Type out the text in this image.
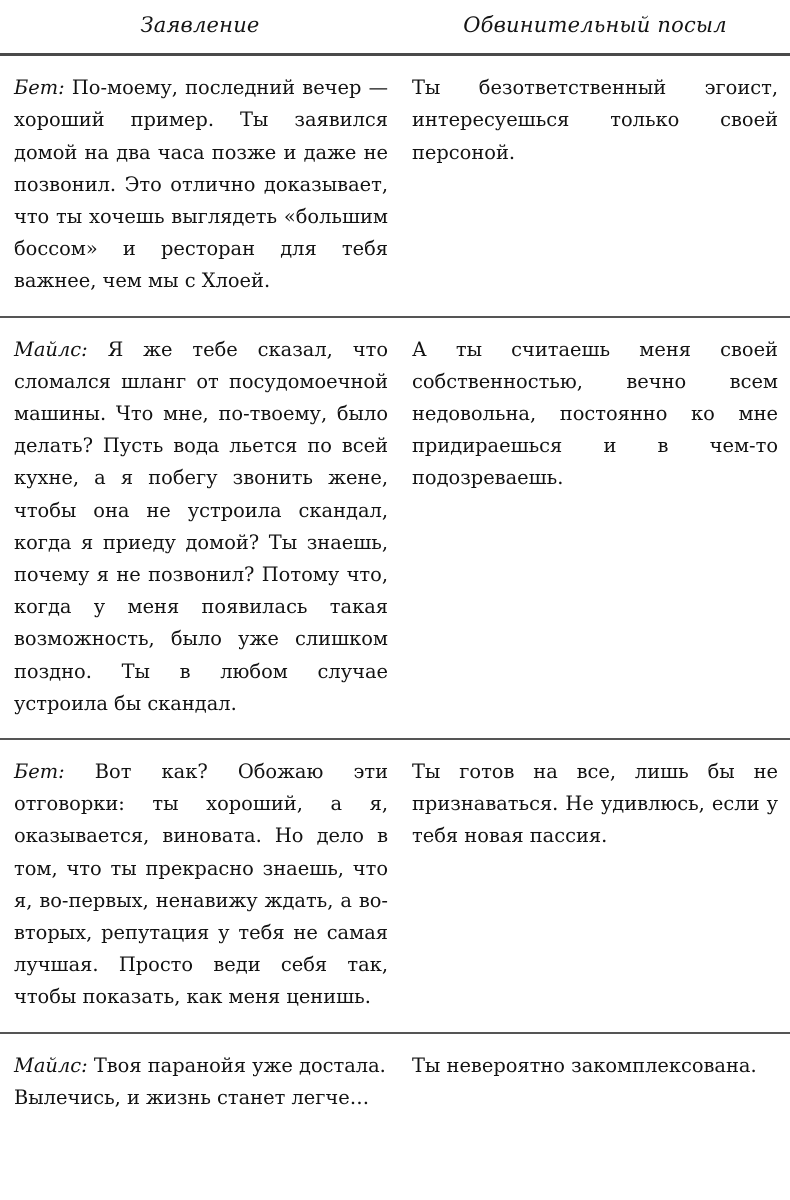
Заявление	Обвинительный посыл

Бет: По-моему, последний вечер — хороший пример. Ты заявился домой на два часа позже и даже не позвонил. Это отлично доказывает, что ты хочешь выглядеть «большим боссом» и ресторан для тебя важнее, чем мы с Хлоей.	Ты безответственный эгоист, интересуешься только своей персоной.

Майлс: Я же тебе сказал, что сломался шланг от посудомоечной машины. Что мне, по-твоему, было делать? Пусть вода льется по всей кухне, а я побегу звонить жене, чтобы она не устроила скандал, когда я приеду домой? Ты знаешь, почему я не позвонил? Потому что, когда у меня появилась такая возможность, было уже слишком поздно. Ты в любом случае устроила бы скандал.	А ты считаешь меня своей собственностью, вечно всем недовольна, постоянно ко мне придираешься и в чем-то подозреваешь.

Бет: Вот как? Обожаю эти отговорки: ты хороший, а я, оказывается, виновата. Но дело в том, что ты прекрасно знаешь, что я, во-первых, ненавижу ждать, а во-вторых, репутация у тебя не самая лучшая. Просто веди себя так, чтобы показать, как меня ценишь.	Ты готов на все, лишь бы не признаваться. Не удивлюсь, если у тебя новая пассия.

Майлс: Твоя паранойя уже достала. Вылечись, и жизнь станет легче…	Ты невероятно закомплексована.
